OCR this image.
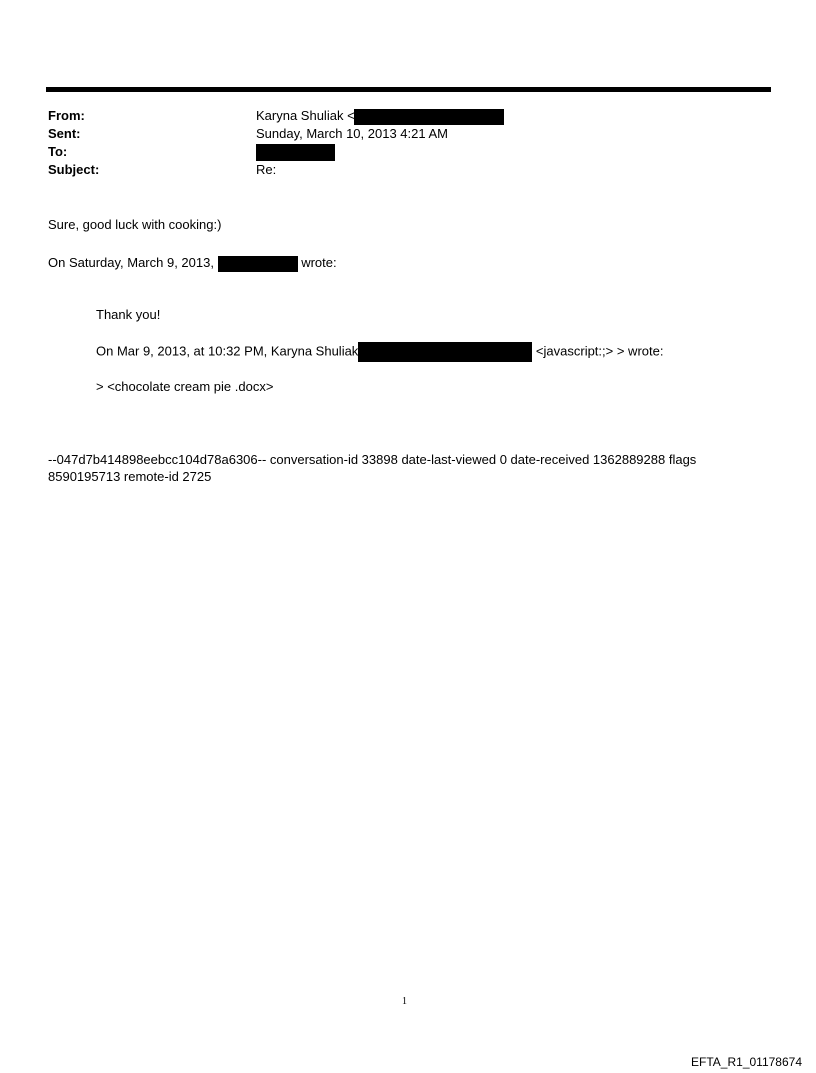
From:	Karyna Shuliak <
Sent:	Sunday, March 10, 2013 4:21 AM
To:
Subject:	Re:
Sure, good luck with cooking:)
On Saturday, March 9, 2013,	wrote:
Thank you!
On Mar 9, 2013, at 10:32 PM, Karyna Shuliak	<javascript:;> > wrote:
> <chocolate cream pie .docx>
--047d7b414898eebcc104d78a6306-- conversation-id 33898 date-last-viewed 0 date-received 1362889288 flags 8590195713 remote-id 2725
1
EFTA_R1_01178674
